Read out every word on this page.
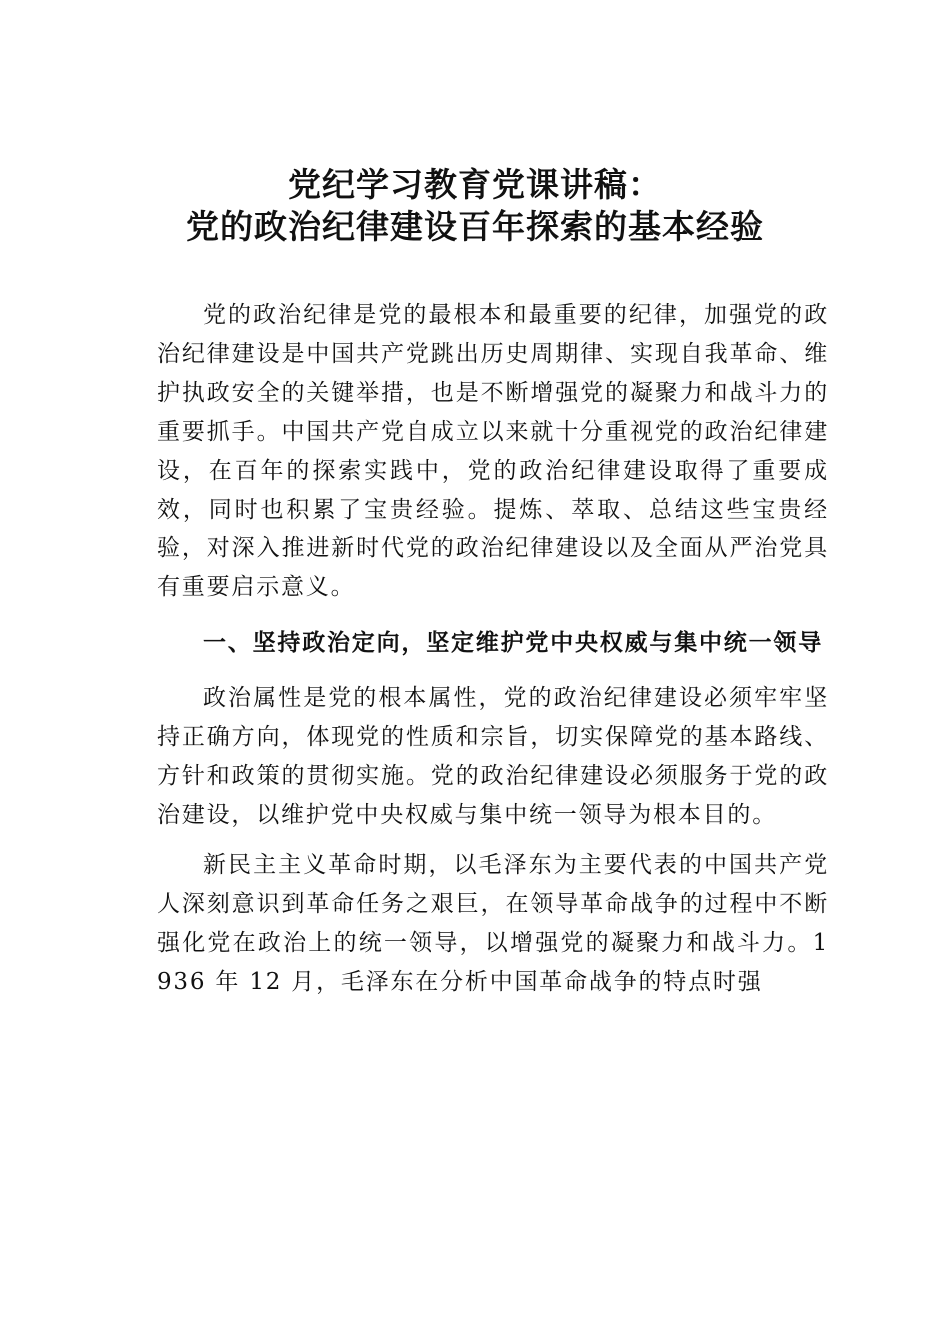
党纪学习教育党课讲稿：
党的政治纪律建设百年探索的基本经验

党的政治纪律是党的最根本和最重要的纪律，加强党的政治纪律建设是中国共产党跳出历史周期律、实现自我革命、维护执政安全的关键举措，也是不断增强党的凝聚力和战斗力的重要抓手。中国共产党自成立以来就十分重视党的政治纪律建设，在百年的探索实践中，党的政治纪律建设取得了重要成效，同时也积累了宝贵经验。提炼、萃取、总结这些宝贵经验，对深入推进新时代党的政治纪律建设以及全面从严治党具有重要启示意义。

一、坚持政治定向，坚定维护党中央权威与集中统一领导

政治属性是党的根本属性，党的政治纪律建设必须牢牢坚持正确方向，体现党的性质和宗旨，切实保障党的基本路线、方针和政策的贯彻实施。党的政治纪律建设必须服务于党的政治建设，以维护党中央权威与集中统一领导为根本目的。

新民主主义革命时期，以毛泽东为主要代表的中国共产党人深刻意识到革命任务之艰巨，在领导革命战争的过程中不断强化党在政治上的统一领导，以增强党的凝聚力和战斗力。1936 年 12 月，毛泽东在分析中国革命战争的特点时强
